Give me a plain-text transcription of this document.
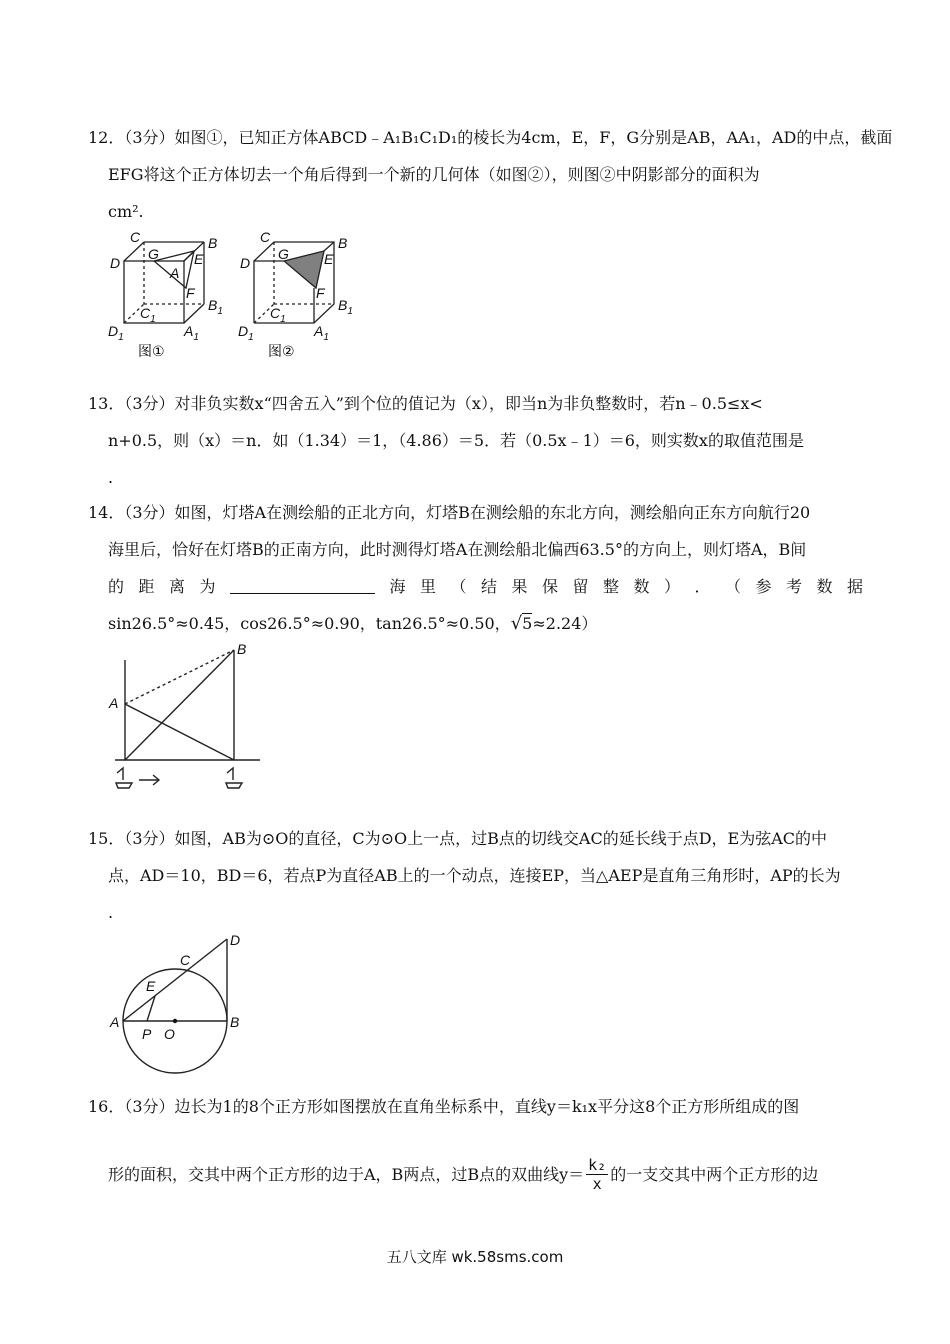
12．（3分）如图①，已知正方体ABCD﹣A₁B₁C₁D₁的棱长为4cm，E，F，G分别是AB，AA₁，AD的中点，截面
EFG将这个正方体切去一个角后得到一个新的几何体（如图②），则图②中阴影部分的面积为
cm².
C	B
D
G
A
E
F
$B_1$
$C_1$
$D_1$	$A_1$
图①
C	B
D
G	E
F
$B_1$
$C_1$
$D_1$	$A_1$
图②
13．（3分）对非负实数x“四舍五入”到个位的值记为（x），即当n为非负整数时，若n﹣0.5≤x<
n+0.5，则（x）＝n．如（1.34）＝1，（4.86）＝5．若（0.5x﹣1）＝6，则实数x的取值范围是
.
14．（3分）如图，灯塔A在测绘船的正北方向，灯塔B在测绘船的东北方向，测绘船向正东方向航行20
海里后，恰好在灯塔B的正南方向，此时测得灯塔A在测绘船北偏西63.5°的方向上，则灯塔A，B间
的 距 离 为	海 里 （ 结 果 保 留 整 数 ） ． （ 参 考 数 据
sin26.5°≈0.45，cos26.5°≈0.90，tan26.5°≈0.50，√5≈2.24）
A
B
15．（3分）如图，AB为⊙O的直径，C为⊙O上一点，过B点的切线交AC的延长线于点D，E为弦AC的中
点，AD＝10，BD＝6，若点P为直径AB上的一个动点，连接EP，当△AEP是直角三角形时，AP的长为
.
A	B
C
D
E
P O
16．（3分）边长为1的8个正方形如图摆放在直角坐标系中，直线y＝k₁x平分这8个正方形所组成的图
形的面积，交其中两个正方形的边于A，B两点，过B点的双曲线$y= \frac{\text{k₂}}{x}$ 的一支交其中两个正方形的边
五八文库 wk.58sms.com
